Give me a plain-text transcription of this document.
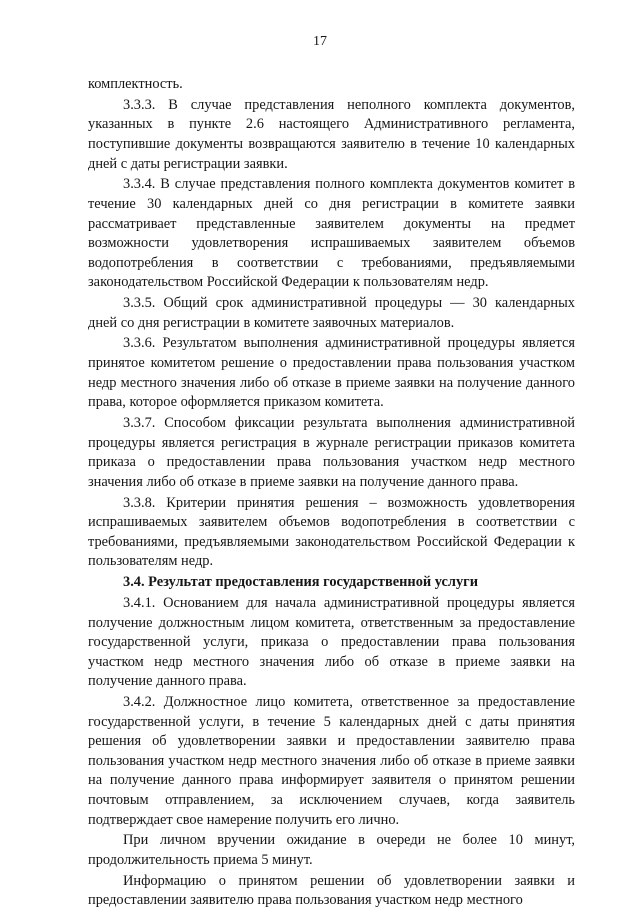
17

комплектность.

3.3.3. В случае представления неполного комплекта документов, указанных в пункте 2.6 настоящего Административного регламента, поступившие документы возвращаются заявителю в течение 10 календарных дней с даты регистрации заявки.

3.3.4. В случае представления полного комплекта документов комитет в течение 30 календарных дней со дня регистрации в комитете заявки рассматривает представленные заявителем документы на предмет возможности удовлетворения испрашиваемых заявителем объемов водопотребления в соответствии с требованиями, предъявляемыми законодательством Российской Федерации к пользователям недр.

3.3.5. Общий срок административной процедуры — 30 календарных дней со дня регистрации в комитете заявочных материалов.

3.3.6. Результатом выполнения административной процедуры является принятое комитетом решение о предоставлении права пользования участком недр местного значения либо об отказе в приеме заявки на получение данного права, которое оформляется приказом комитета.

3.3.7. Способом фиксации результата выполнения административной процедуры является регистрация в журнале регистрации приказов комитета приказа о предоставлении права пользования участком недр местного значения либо об отказе в приеме заявки на получение данного права.

3.3.8. Критерии принятия решения – возможность удовлетворения испрашиваемых заявителем объемов водопотребления в соответствии с требованиями, предъявляемыми законодательством Российской Федерации к пользователям недр.

3.4. Результат предоставления государственной услуги

3.4.1. Основанием для начала административной процедуры является получение должностным лицом комитета, ответственным за предоставление государственной услуги, приказа о предоставлении права пользования участком недр местного значения либо об отказе в приеме заявки на получение данного права.

3.4.2. Должностное лицо комитета, ответственное за предоставление государственной услуги, в течение 5 календарных дней с даты принятия решения об удовлетворении заявки и предоставлении заявителю права пользования участком недр местного значения либо об отказе в приеме заявки на получение данного права информирует заявителя о принятом решении почтовым отправлением, за исключением случаев, когда заявитель подтверждает свое намерение получить его лично.

При личном вручении ожидание в очереди не более 10 минут, продолжительность приема 5 минут.

Информацию о принятом решении об удовлетворении заявки и предоставлении заявителю права пользования участком недр местного
